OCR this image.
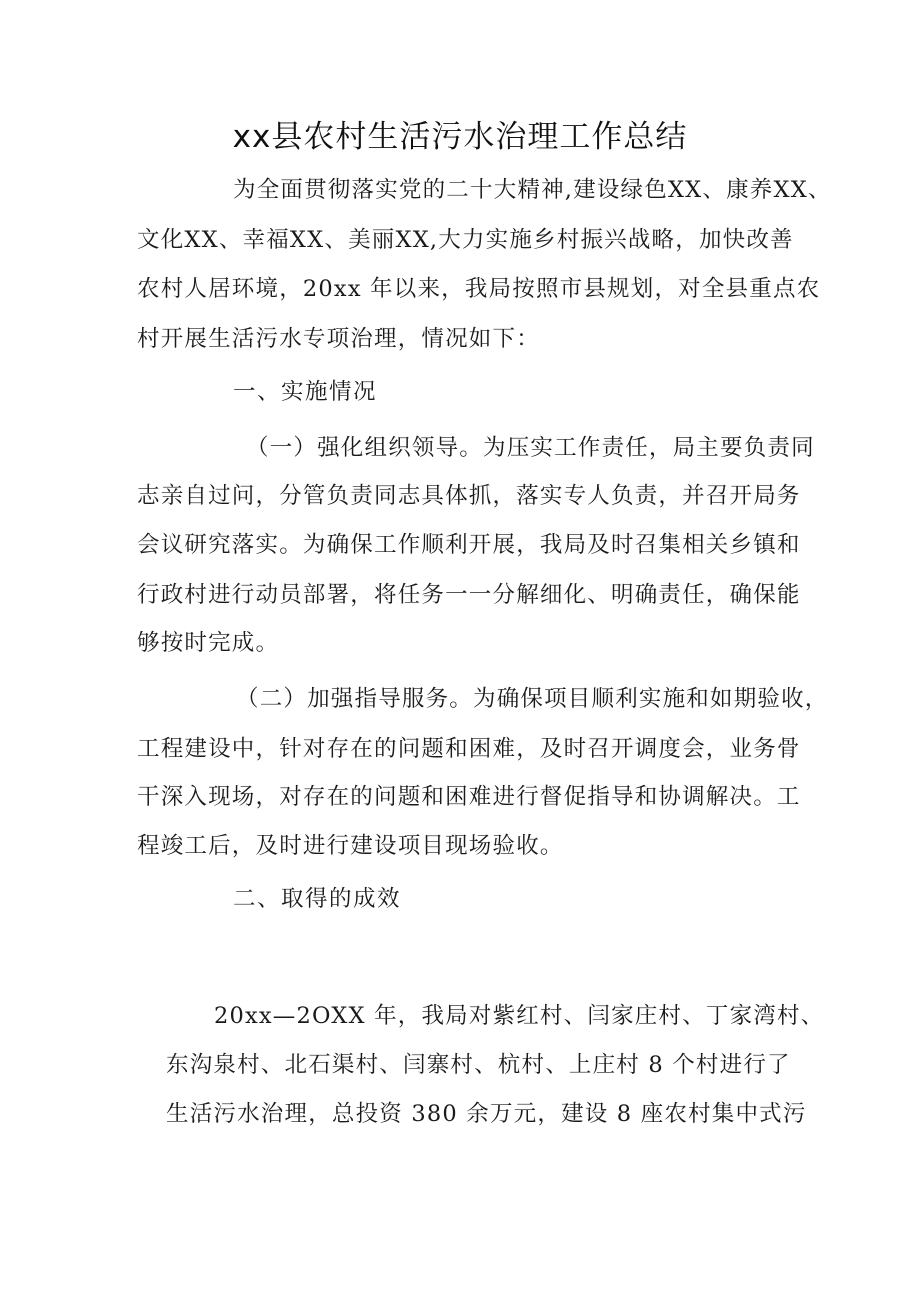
xx县农村生活污水治理工作总结
为全面贯彻落实党的二十大精神,建设绿色XX、康养XX、
文化XX、幸福XX、美丽XX,大力实施乡村振兴战略，加快改善
农村人居环境，20xx 年以来，我局按照市县规划，对全县重点农
村开展生活污水专项治理，情况如下：
一、实施情况
（一）强化组织领导。为压实工作责任，局主要负责同
志亲自过问，分管负责同志具体抓，落实专人负责，并召开局务
会议研究落实。为确保工作顺利开展，我局及时召集相关乡镇和
行政村进行动员部署，将任务一一分解细化、明确责任，确保能
够按时完成。
（二）加强指导服务。为确保项目顺利实施和如期验收，
工程建设中，针对存在的问题和困难，及时召开调度会，业务骨
干深入现场，对存在的问题和困难进行督促指导和协调解决。工
程竣工后，及时进行建设项目现场验收。
二、取得的成效
20xx—2OXX 年，我局对紫红村、闫家庄村、丁家湾村、
东沟泉村、北石渠村、闫寨村、杭村、上庄村 8 个村进行了
生活污水治理，总投资 380 余万元，建设 8 座农村集中式污
